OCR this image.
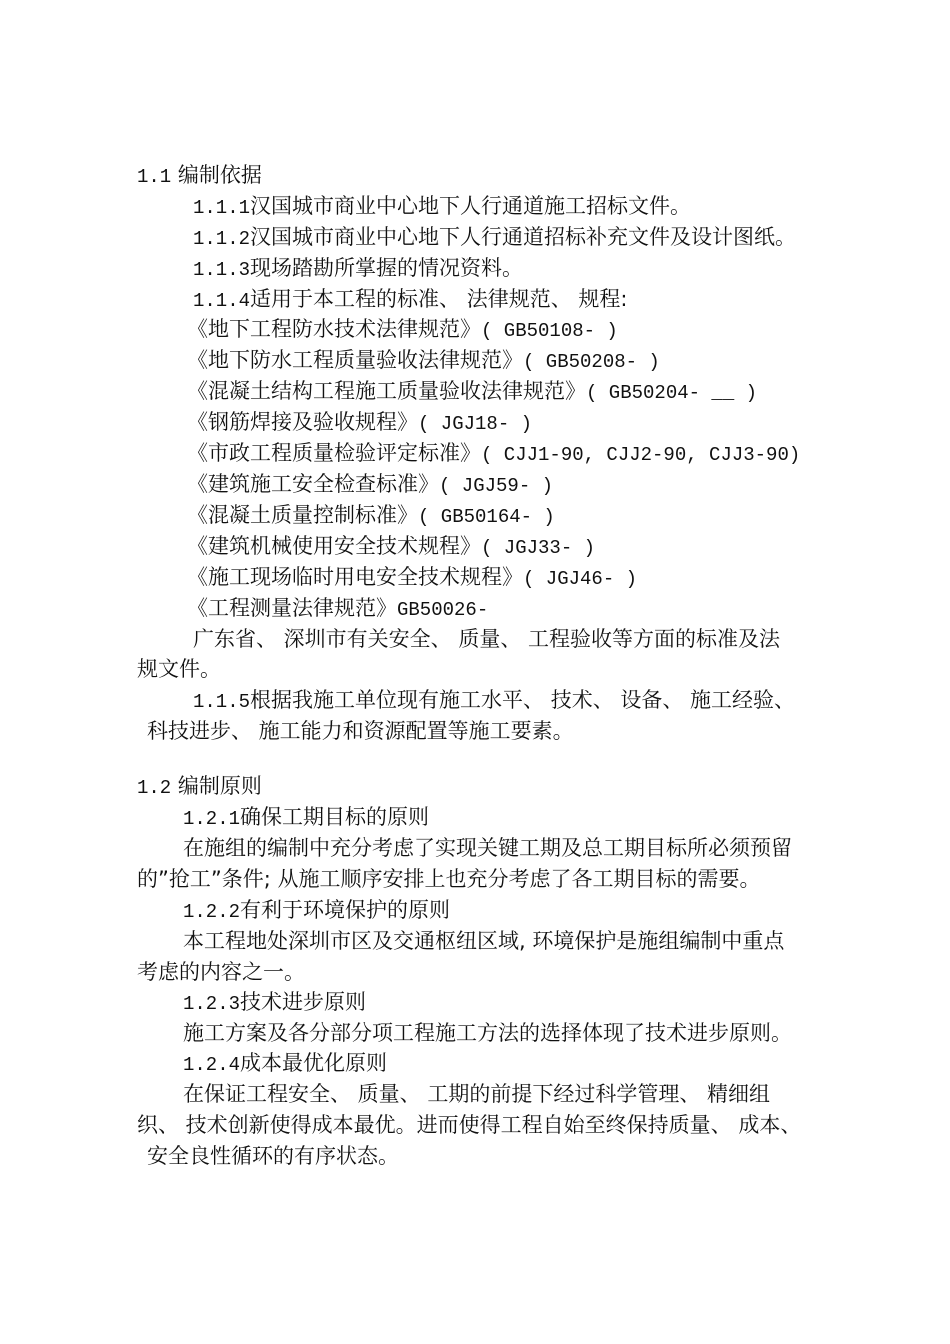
1.1 编制依据
1.1.1汉国城市商业中心地下人行通道施工招标文件。
1.1.2汉国城市商业中心地下人行通道招标补充文件及设计图纸。
1.1.3现场踏勘所掌握的情况资料。
1.1.4适用于本工程的标准、 法律规范、 规程:
《地下工程防水技术法律规范》( GB50108- )
《地下防水工程质量验收法律规范》( GB50208- )
《混凝土结构工程施工质量验收法律规范》( GB50204- __ )
《钢筋焊接及验收规程》( JGJ18- )
《市政工程质量检验评定标准》( CJJ1-90, CJJ2-90, CJJ3-90)
《建筑施工安全检查标准》( JGJ59- )
《混凝土质量控制标准》( GB50164- )
《建筑机械使用安全技术规程》( JGJ33- )
《施工现场临时用电安全技术规程》( JGJ46- )
《工程测量法律规范》GB50026-
广东省、 深圳市有关安全、 质量、 工程验收等方面的标准及法
规文件。
1.1.5根据我施工单位现有施工水平、 技术、 设备、 施工经验、
科技进步、 施工能力和资源配置等施工要素。
1.2 编制原则
1.2.1确保工期目标的原则
在施组的编制中充分考虑了实现关键工期及总工期目标所必须预留
的”抢工”条件; 从施工顺序安排上也充分考虑了各工期目标的需要。
1.2.2有利于环境保护的原则
本工程地处深圳市区及交通枢纽区域, 环境保护是施组编制中重点
考虑的内容之一。
1.2.3技术进步原则
施工方案及各分部分项工程施工方法的选择体现了技术进步原则。
1.2.4成本最优化原则
在保证工程安全、 质量、 工期的前提下经过科学管理、 精细组
织、 技术创新使得成本最优。进而使得工程自始至终保持质量、 成本、
安全良性循环的有序状态。
